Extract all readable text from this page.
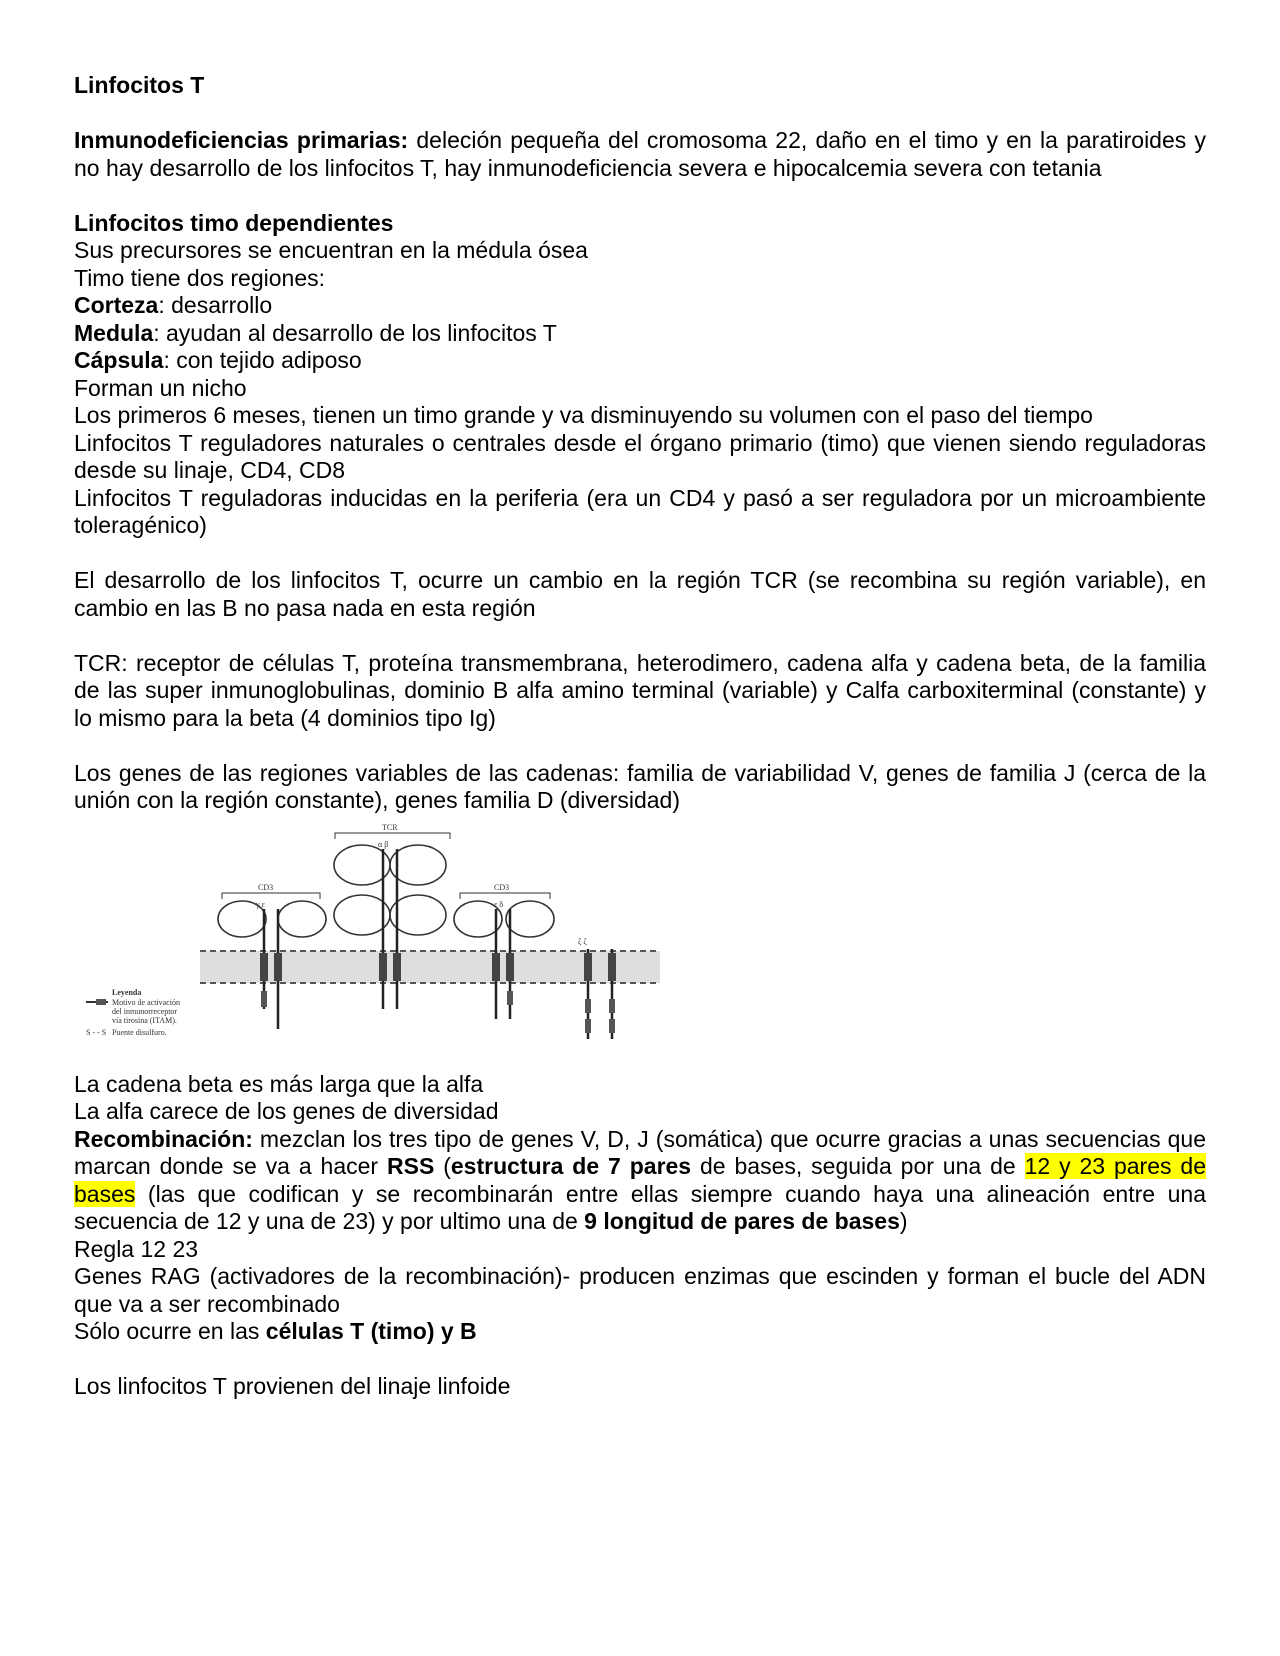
Linfocitos T

Inmunodeficiencias primarias: deleción pequeña del cromosoma 22, daño en el timo y en la paratiroides y no hay desarrollo de los linfocitos T, hay inmunodeficiencia severa e hipocalcemia severa con tetania

Linfocitos timo dependientes

Sus precursores se encuentran en la médula ósea

Timo tiene dos regiones:

Corteza: desarrollo

Medula: ayudan al desarrollo de los linfocitos T

Cápsula: con tejido adiposo

Forman un nicho

Los primeros 6 meses, tienen un timo grande y va disminuyendo su volumen con el paso del tiempo

Linfocitos T reguladores naturales o centrales desde el órgano primario (timo) que vienen siendo reguladoras desde su linaje, CD4, CD8

Linfocitos T reguladoras inducidas en la periferia (era un CD4 y pasó a ser reguladora por un microambiente toleragénico)

El desarrollo de los linfocitos T, ocurre un cambio en la región TCR (se recombina su región variable), en cambio en las B no pasa nada en esta región

TCR: receptor de células T, proteína transmembrana, heterodimero, cadena alfa y cadena beta, de la familia de las super inmunoglobulinas, dominio B alfa amino terminal (variable) y Calfa carboxiterminal (constante) y lo mismo para la beta (4 dominios tipo Ig)

Los genes de las regiones variables de las cadenas: familia de variabilidad V, genes de familia J (cerca de la unión con la región constante), genes familia D (diversidad)

TCR
α β
CD3
γ ε
CD3
ε δ
ζ ζ
Leyenda
Motivo de activación
del inmunorreceptor
vía tirosina (ITAM).
S - - S Puente disulfuro.

La cadena beta es más larga que la alfa

La alfa carece de los genes de diversidad

Recombinación: mezclan los tres tipo de genes V, D, J (somática) que ocurre gracias a unas secuencias que marcan donde se va a hacer RSS (estructura de 7 pares de bases, seguida por una de 12 y 23 pares de bases (las que codifican y se recombinarán entre ellas siempre cuando haya una alineación entre una secuencia de 12 y una de 23) y por ultimo una de 9 longitud de pares de bases)

Regla 12 23

Genes RAG (activadores de la recombinación)- producen enzimas que escinden y forman el bucle del ADN que va a ser recombinado

Sólo ocurre en las células T (timo) y B

Los linfocitos T provienen del linaje linfoide
